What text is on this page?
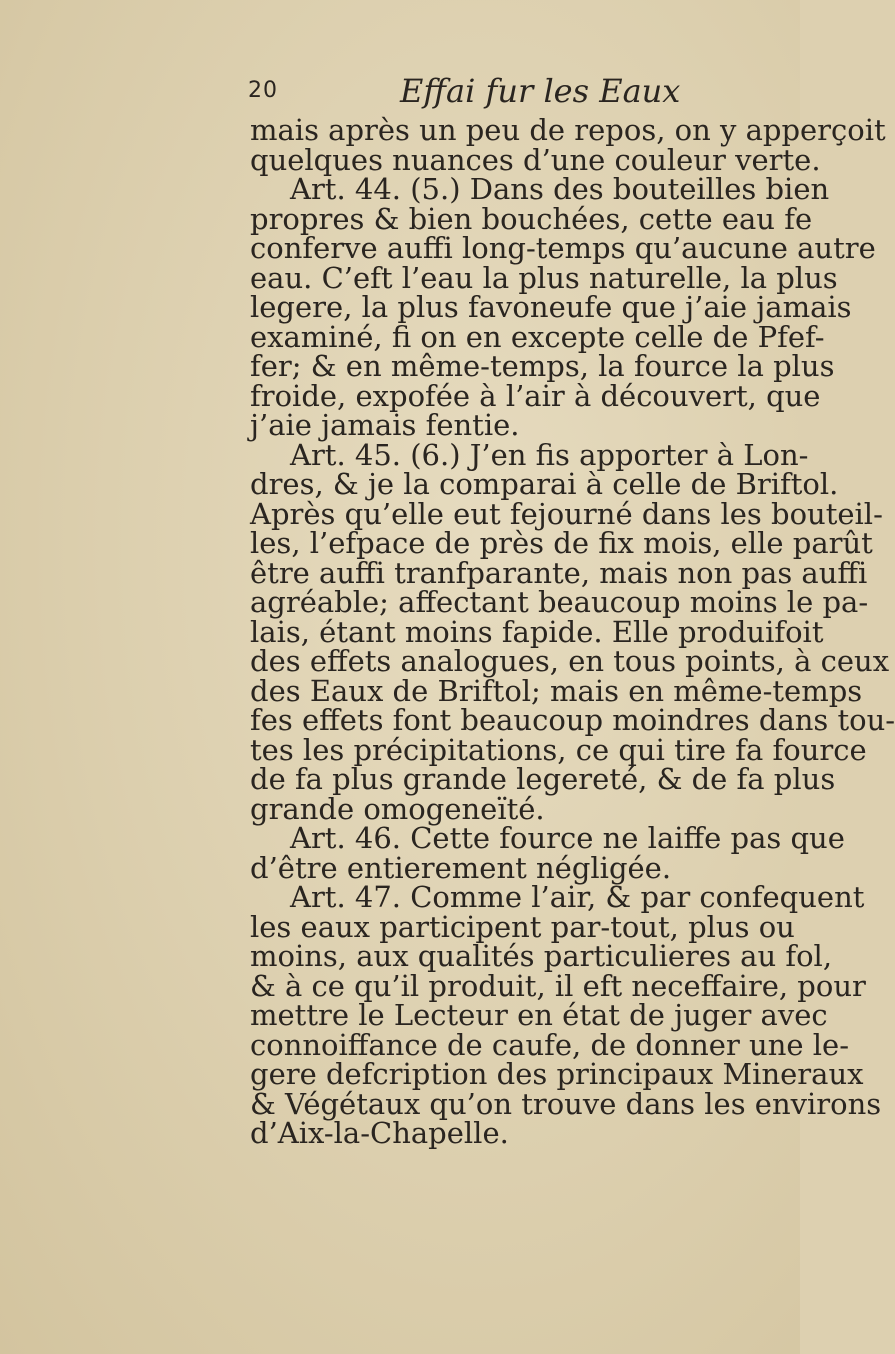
20	Effai fur les Eaux
mais après un peu de repos, on y apperçoit
quelques nuances d’une couleur verte.
Art. 44. (5.) Dans des bouteilles bien
propres & bien bouchées, cette eau fe
conferve auffi long-temps qu’aucune autre
eau. C’eft l’eau la plus naturelle, la plus
legere, la plus favoneufe que j’aie jamais
examiné, fi on en excepte celle de Pfef-
fer; & en même-temps, la fource la plus
froide, expofée à l’air à découvert, que
j’aie jamais fentie.
Art. 45. (6.) J’en fis apporter à Lon-
dres, & je la comparai à celle de Briftol.
Après qu’elle eut fejourné dans les bouteil-
les, l’efpace de près de fix mois, elle parût
être auffi tranfparante, mais non pas auffi
agréable; affectant beaucoup moins le pa-
lais, étant moins fapide. Elle produifoit
des effets analogues, en tous points, à ceux
des Eaux de Briftol; mais en même-temps
fes effets font beaucoup moindres dans tou-
tes les précipitations, ce qui tire fa fource
de fa plus grande legereté, & de fa plus
grande omogeneïté.
Art. 46. Cette fource ne laiffe pas que
d’être entierement négligée.
Art. 47. Comme l’air, & par confequent
les eaux participent par-tout, plus ou
moins, aux qualités particulieres au fol,
& à ce qu’il produit, il eft neceffaire, pour
mettre le Lecteur en état de juger avec
connoiffance de caufe, de donner une le-
gere defcription des principaux Mineraux
& Végétaux qu’on trouve dans les environs
d’Aix-la-Chapelle.
